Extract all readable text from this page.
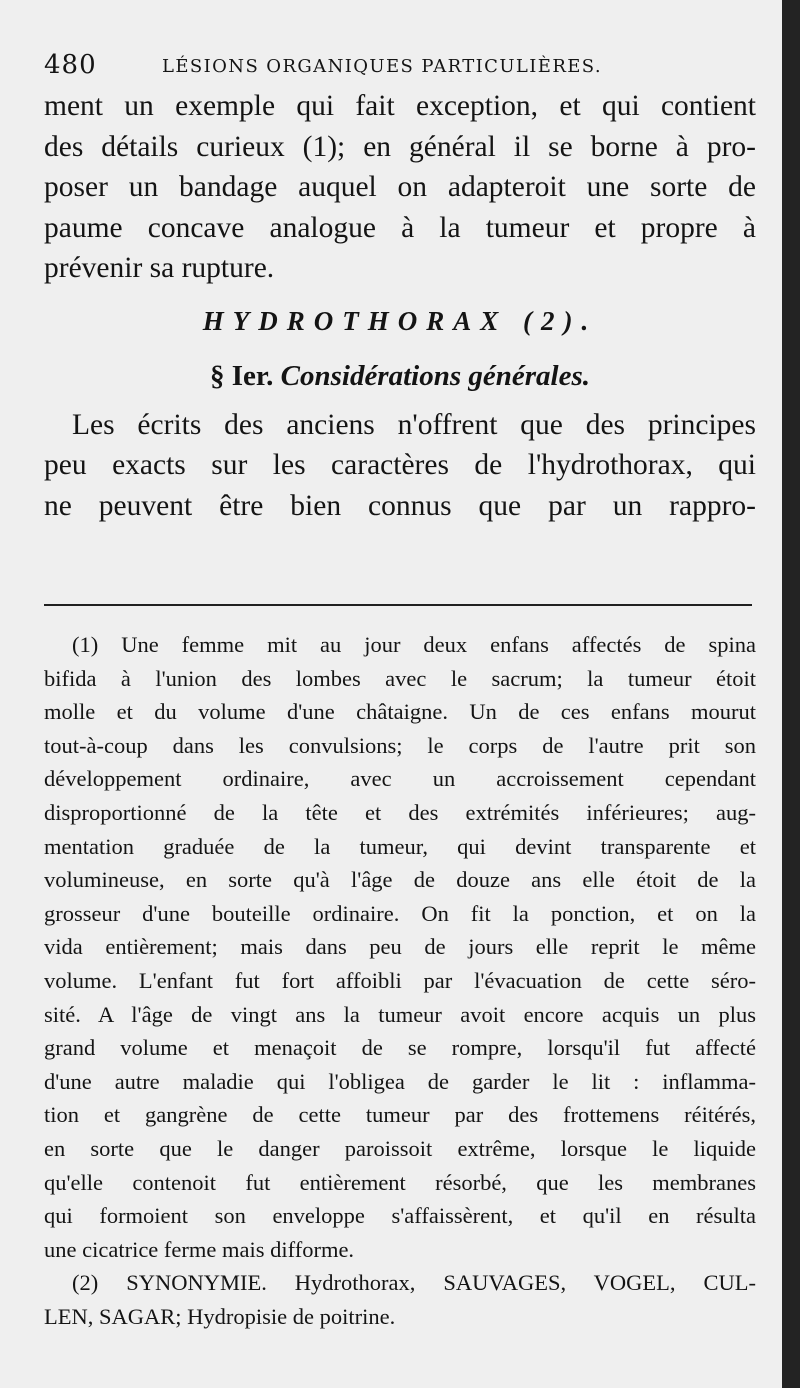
480	LÉSIONS ORGANIQUES PARTICULIÈRES.

ment un exemple qui fait exception, et qui contient
des détails curieux (1); en général il se borne à pro-
poser un bandage auquel on adapteroit une sorte de
paume concave analogue à la tumeur et propre à
prévenir sa rupture.

HYDROTHORAX (2).
§ Ier. Considérations générales.

Les écrits des anciens n'offrent que des principes
peu exacts sur les caractères de l'hydrothorax, qui
ne peuvent être bien connus que par un rappro-

(1) Une femme mit au jour deux enfans affectés de spina
bifida à l'union des lombes avec le sacrum; la tumeur étoit
molle et du volume d'une châtaigne. Un de ces enfans mourut
tout-à-coup dans les convulsions; le corps de l'autre prit son
développement ordinaire, avec un accroissement cependant
disproportionné de la tête et des extrémités inférieures; aug-
mentation graduée de la tumeur, qui devint transparente et
volumineuse, en sorte qu'à l'âge de douze ans elle étoit de la
grosseur d'une bouteille ordinaire. On fit la ponction, et on la
vida entièrement; mais dans peu de jours elle reprit le même
volume. L'enfant fut fort affoibli par l'évacuation de cette séro-
sité. A l'âge de vingt ans la tumeur avoit encore acquis un plus
grand volume et menaçoit de se rompre, lorsqu'il fut affecté
d'une autre maladie qui l'obligea de garder le lit : inflamma-
tion et gangrène de cette tumeur par des frottemens réitérés,
en sorte que le danger paroissoit extrême, lorsque le liquide
qu'elle contenoit fut entièrement résorbé, que les membranes
qui formoient son enveloppe s'affaissèrent, et qu'il en résulta
une cicatrice ferme mais difforme.
(2) SYNONYMIE. Hydrothorax, SAUVAGES, VOGEL, CUL-
LEN, SAGAR; Hydropisie de poitrine.
